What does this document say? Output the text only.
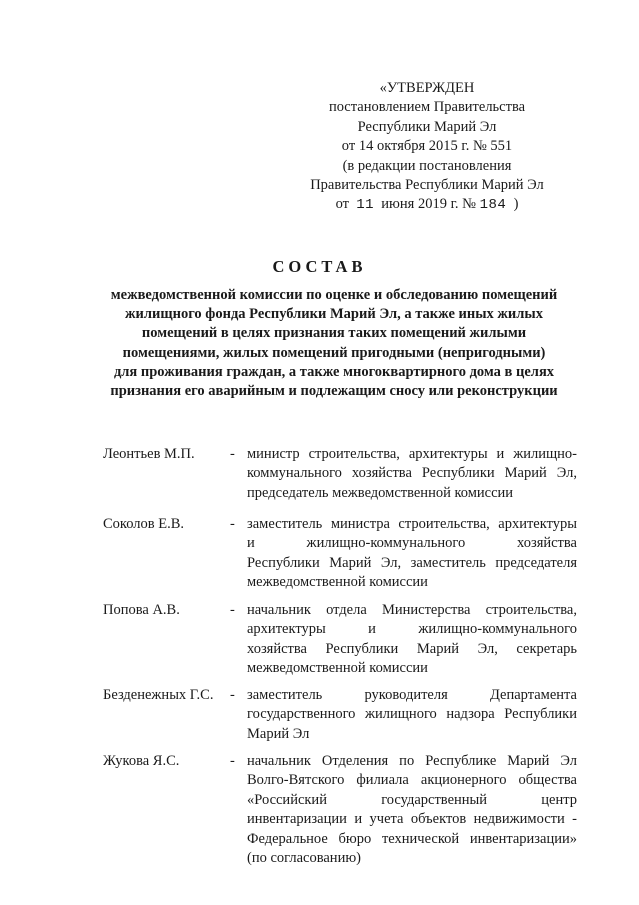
«УТВЕРЖДЕН
постановлением Правительства
Республики Марий Эл
от 14 октября 2015 г. № 551
(в редакции постановления
Правительства Республики Марий Эл
от 11 июня 2019 г. № 184 )
СОСТАВ
межведомственной комиссии по оценке и обследованию помещений
жилищного фонда Республики Марий Эл, а также иных жилых
помещений в целях признания таких помещений жилыми
помещениями, жилых помещений пригодными (непригодными)
для проживания граждан, а также многоквартирного дома в целях
признания его аварийным и подлежащим сносу или реконструкции
Леонтьев М.П. - министр строительства, архитектуры и жилищно-
коммунального хозяйства Республики Марий Эл,
председатель межведомственной комиссии
Соколов Е.В.	- заместитель министра строительства, архитектуры
и жилищно-коммунального хозяйства
Республики Марий Эл, заместитель председателя
межведомственной комиссии
Попова А.В.	- начальник отдела Министерства строительства,
архитектуры и жилищно-коммунального
хозяйства Республики Марий Эл, секретарь
межведомственной комиссии
Безденежных Г.С. - заместитель руководителя Департамента
государственного жилищного надзора Республики
Марий Эл
Жукова Я.С.	- начальник Отделения по Республике Марий Эл
Волго-Вятского филиала акционерного общества
«Российский государственный центр
инвентаризации и учета объектов недвижимости -
Федеральное бюро технической инвентаризации»
(по согласованию)
